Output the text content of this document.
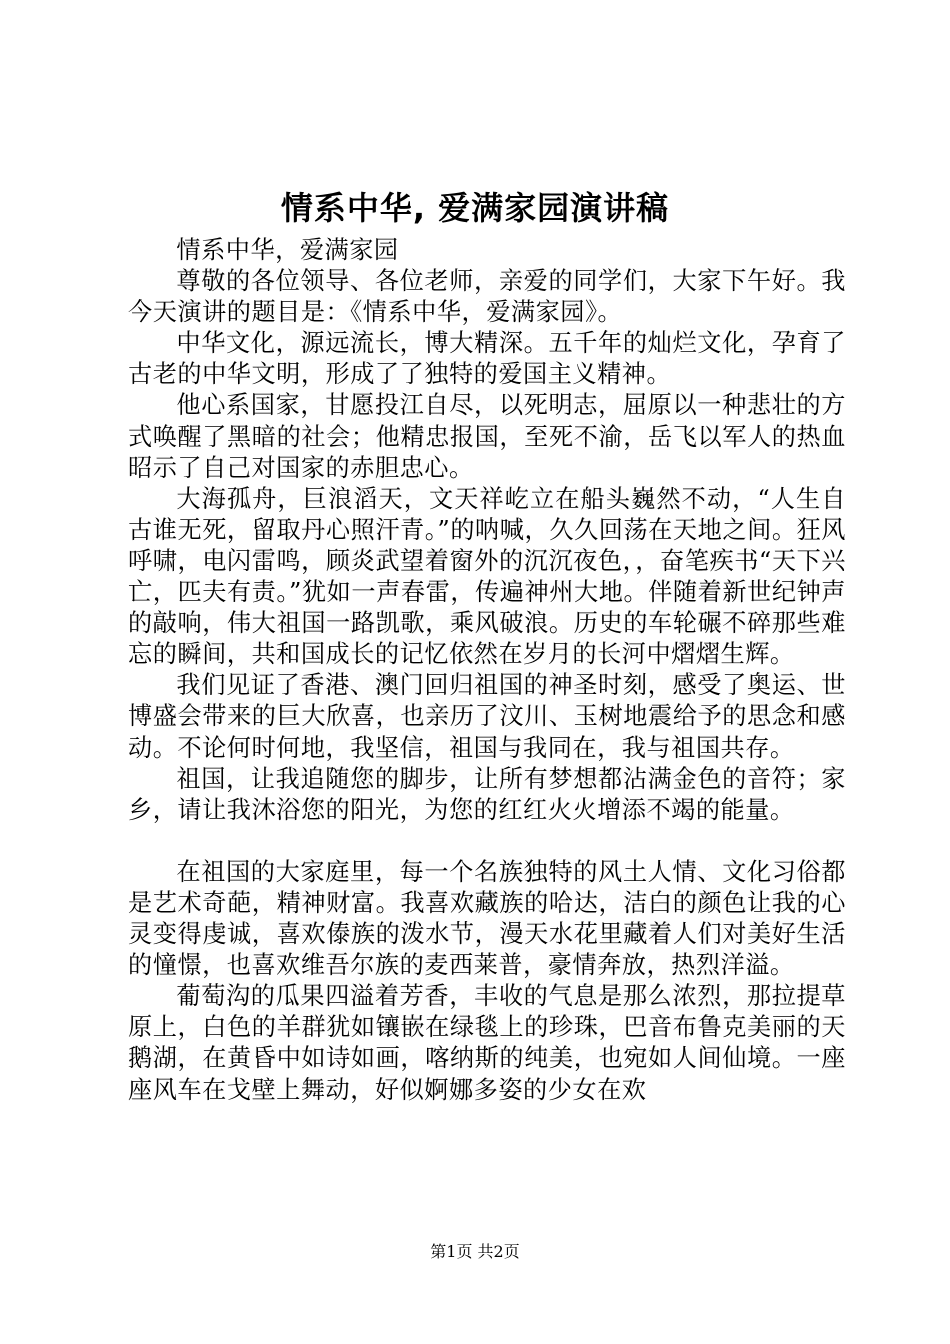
情系中华, 爱满家园演讲稿

情系中华，爱满家园

尊敬的各位领导、各位老师，亲爱的同学们，大家下午好。我今天演讲的题目是：《情系中华，爱满家园》。

中华文化，源远流长，博大精深。五千年的灿烂文化，孕育了古老的中华文明，形成了了独特的爱国主义精神。

他心系国家，甘愿投江自尽，以死明志，屈原以一种悲壮的方式唤醒了黑暗的社会；他精忠报国，至死不渝，岳飞以军人的热血昭示了自己对国家的赤胆忠心。

大海孤舟，巨浪滔天，文天祥屹立在船头巍然不动，“人生自古谁无死，留取丹心照汗青。”的呐喊，久久回荡在天地之间。狂风呼啸，电闪雷鸣，顾炎武望着窗外的沉沉夜色，，奋笔疾书“天下兴亡，匹夫有责。”犹如一声春雷，传遍神州大地。伴随着新世纪钟声的敲响，伟大祖国一路凯歌，乘风破浪。历史的车轮碾不碎那些难忘的瞬间，共和国成长的记忆依然在岁月的长河中熠熠生辉。

我们见证了香港、澳门回归祖国的神圣时刻，感受了奥运、世博盛会带来的巨大欣喜，也亲历了汶川、玉树地震给予的思念和感动。不论何时何地，我坚信，祖国与我同在，我与祖国共存。

祖国，让我追随您的脚步，让所有梦想都沾满金色的音符；家乡，请让我沐浴您的阳光，为您的红红火火增添不竭的能量。

在祖国的大家庭里，每一个名族独特的风土人情、文化习俗都是艺术奇葩，精神财富。我喜欢藏族的哈达，洁白的颜色让我的心灵变得虔诚，喜欢傣族的泼水节，漫天水花里藏着人们对美好生活的憧憬，也喜欢维吾尔族的麦西莱普，豪情奔放，热烈洋溢。

葡萄沟的瓜果四溢着芳香，丰收的气息是那么浓烈，那拉提草原上，白色的羊群犹如镶嵌在绿毯上的珍珠，巴音布鲁克美丽的天鹅湖，在黄昏中如诗如画，喀纳斯的纯美，也宛如人间仙境。一座座风车在戈壁上舞动，好似婀娜多姿的少女在欢

第1页 共2页
